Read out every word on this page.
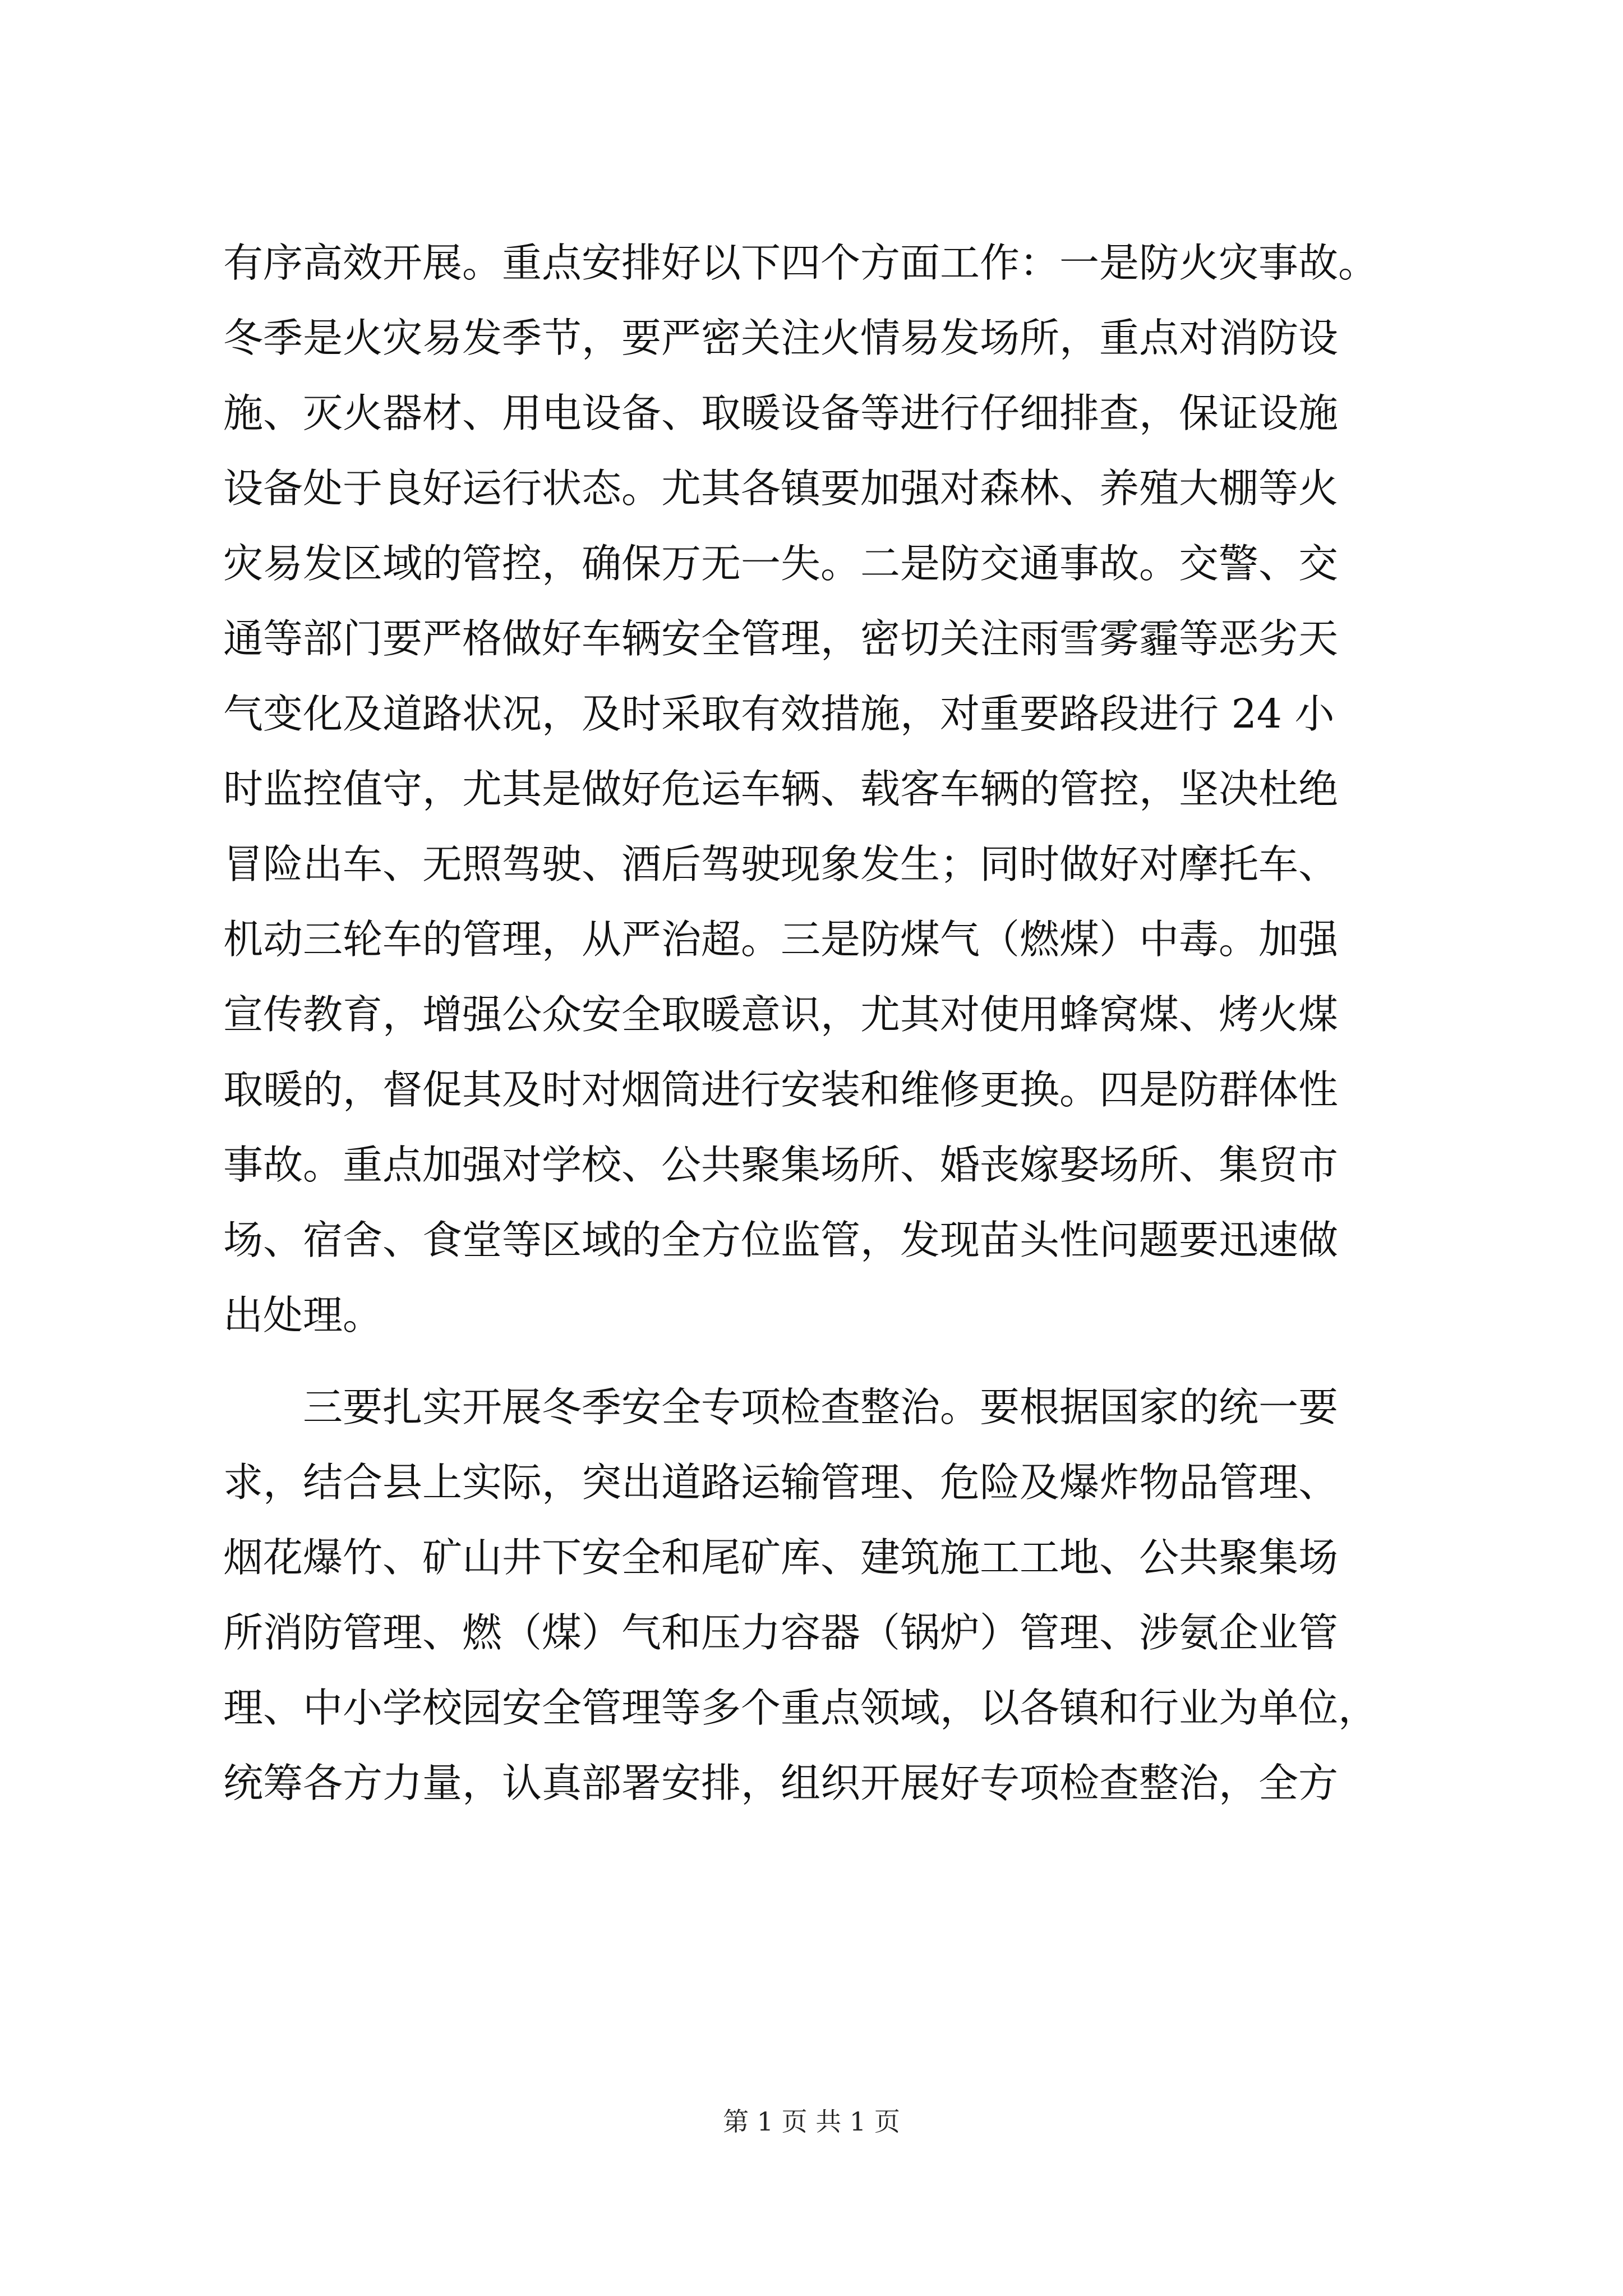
有序高效开展。重点安排好以下四个方面工作：一是防火灾事故。
冬季是火灾易发季节，要严密关注火情易发场所，重点对消防设
施、灭火器材、用电设备、取暖设备等进行仔细排查，保证设施
设备处于良好运行状态。尤其各镇要加强对森林、养殖大棚等火
灾易发区域的管控，确保万无一失。二是防交通事故。交警、交
通等部门要严格做好车辆安全管理，密切关注雨雪雾霾等恶劣天
气变化及道路状况，及时采取有效措施，对重要路段进行 24 小
时监控值守，尤其是做好危运车辆、载客车辆的管控，坚决杜绝
冒险出车、无照驾驶、酒后驾驶现象发生；同时做好对摩托车、
机动三轮车的管理，从严治超。三是防煤气（燃煤）中毒。加强
宣传教育，增强公众安全取暖意识，尤其对使用蜂窝煤、烤火煤
取暖的，督促其及时对烟筒进行安装和维修更换。四是防群体性
事故。重点加强对学校、公共聚集场所、婚丧嫁娶场所、集贸市
场、宿舍、食堂等区域的全方位监管，发现苗头性问题要迅速做
出处理。
　　三要扎实开展冬季安全专项检查整治。要根据国家的统一要
求，结合县上实际，突出道路运输管理、危险及爆炸物品管理、
烟花爆竹、矿山井下安全和尾矿库、建筑施工工地、公共聚集场
所消防管理、燃（煤）气和压力容器（锅炉）管理、涉氨企业管
理、中小学校园安全管理等多个重点领域，以各镇和行业为单位，
统筹各方力量，认真部署安排，组织开展好专项检查整治，全方
第 1 页 共 1 页
